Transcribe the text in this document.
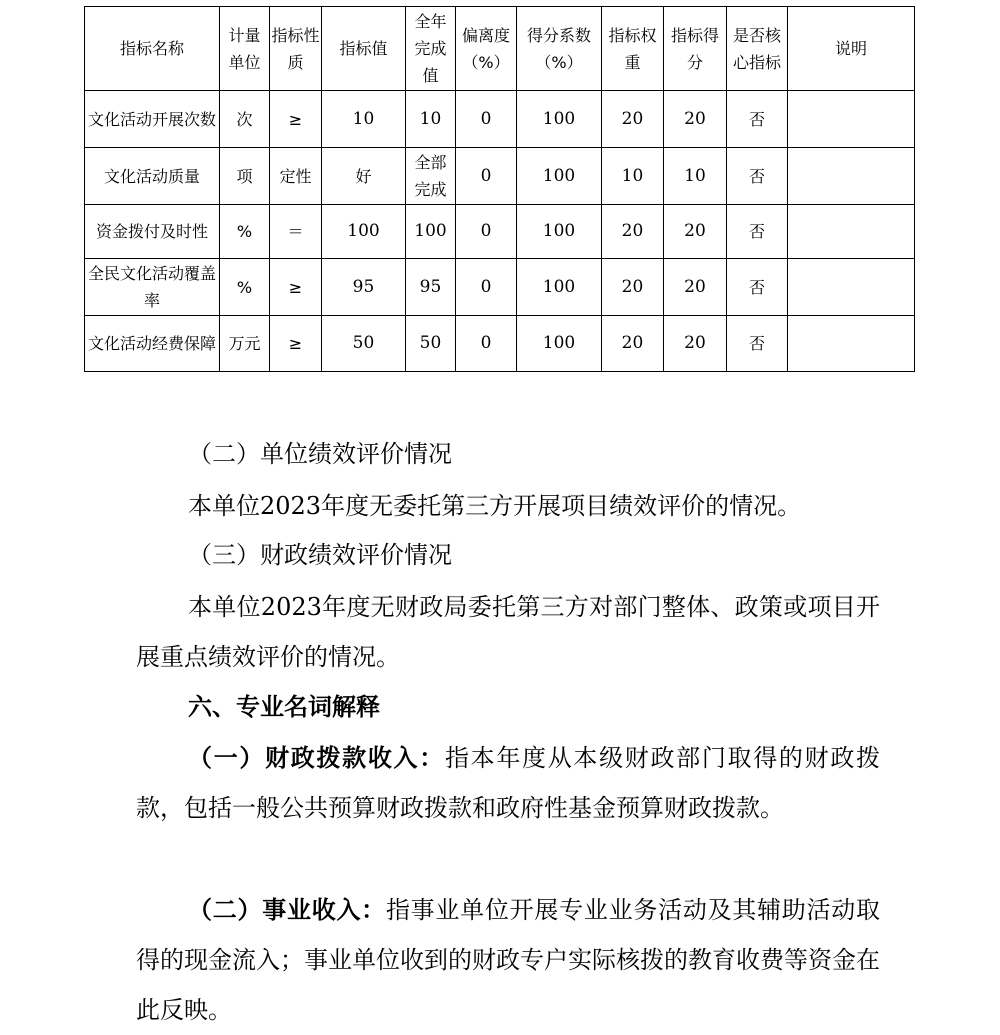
指标名称	计量单位	指标性质	指标值	全年完成值	偏离度（%）	得分系数（%）	指标权重	指标得分	是否核心指标	说明
文化活动开展次数	次	≥	10	10	0	100	20	20	否	
文化活动质量	项	定性	好	全部完成	0	100	10	10	否	
资金拨付及时性	%	＝	100	100	0	100	20	20	否	
全民文化活动覆盖率	%	≥	95	95	0	100	20	20	否	
文化活动经费保障	万元	≥	50	50	0	100	20	20	否	

（二）单位绩效评价情况

本单位2023年度无委托第三方开展项目绩效评价的情况。

（三）财政绩效评价情况

本单位2023年度无财政局委托第三方对部门整体、政策或项目开展重点绩效评价的情况。

六、专业名词解释

（一）财政拨款收入：指本年度从本级财政部门取得的财政拨款，包括一般公共预算财政拨款和政府性基金预算财政拨款。

（二）事业收入：指事业单位开展专业业务活动及其辅助活动取得的现金流入；事业单位收到的财政专户实际核拨的教育收费等资金在此反映。
